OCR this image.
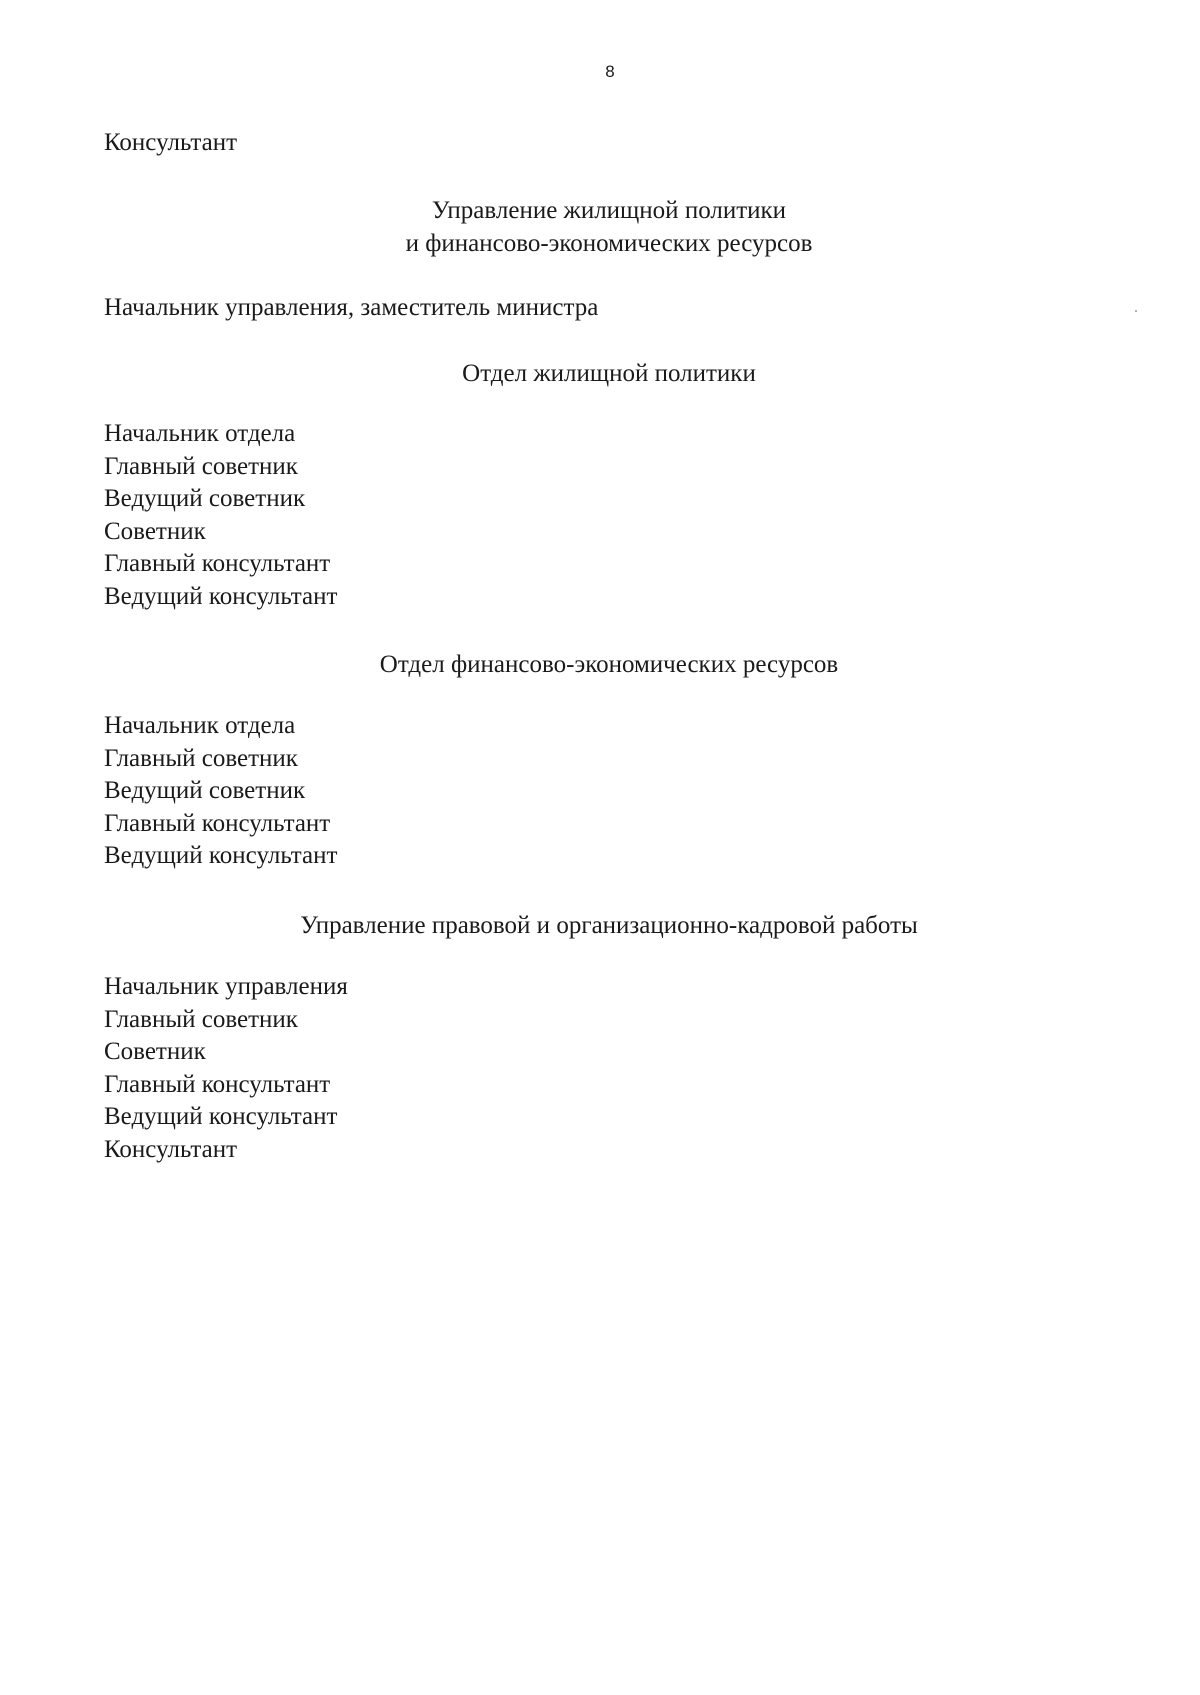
8
Консультант
Управление жилищной политики
и финансово-экономических ресурсов
Начальник управления, заместитель министра
Отдел жилищной политики
Начальник отдела
Главный советник
Ведущий советник
Советник
Главный консультант
Ведущий консультант
Отдел финансово-экономических ресурсов
Начальник отдела
Главный советник
Ведущий советник
Главный консультант
Ведущий консультант
Управление правовой и организационно-кадровой работы
Начальник управления
Главный советник
Советник
Главный консультант
Ведущий консультант
Консультант
